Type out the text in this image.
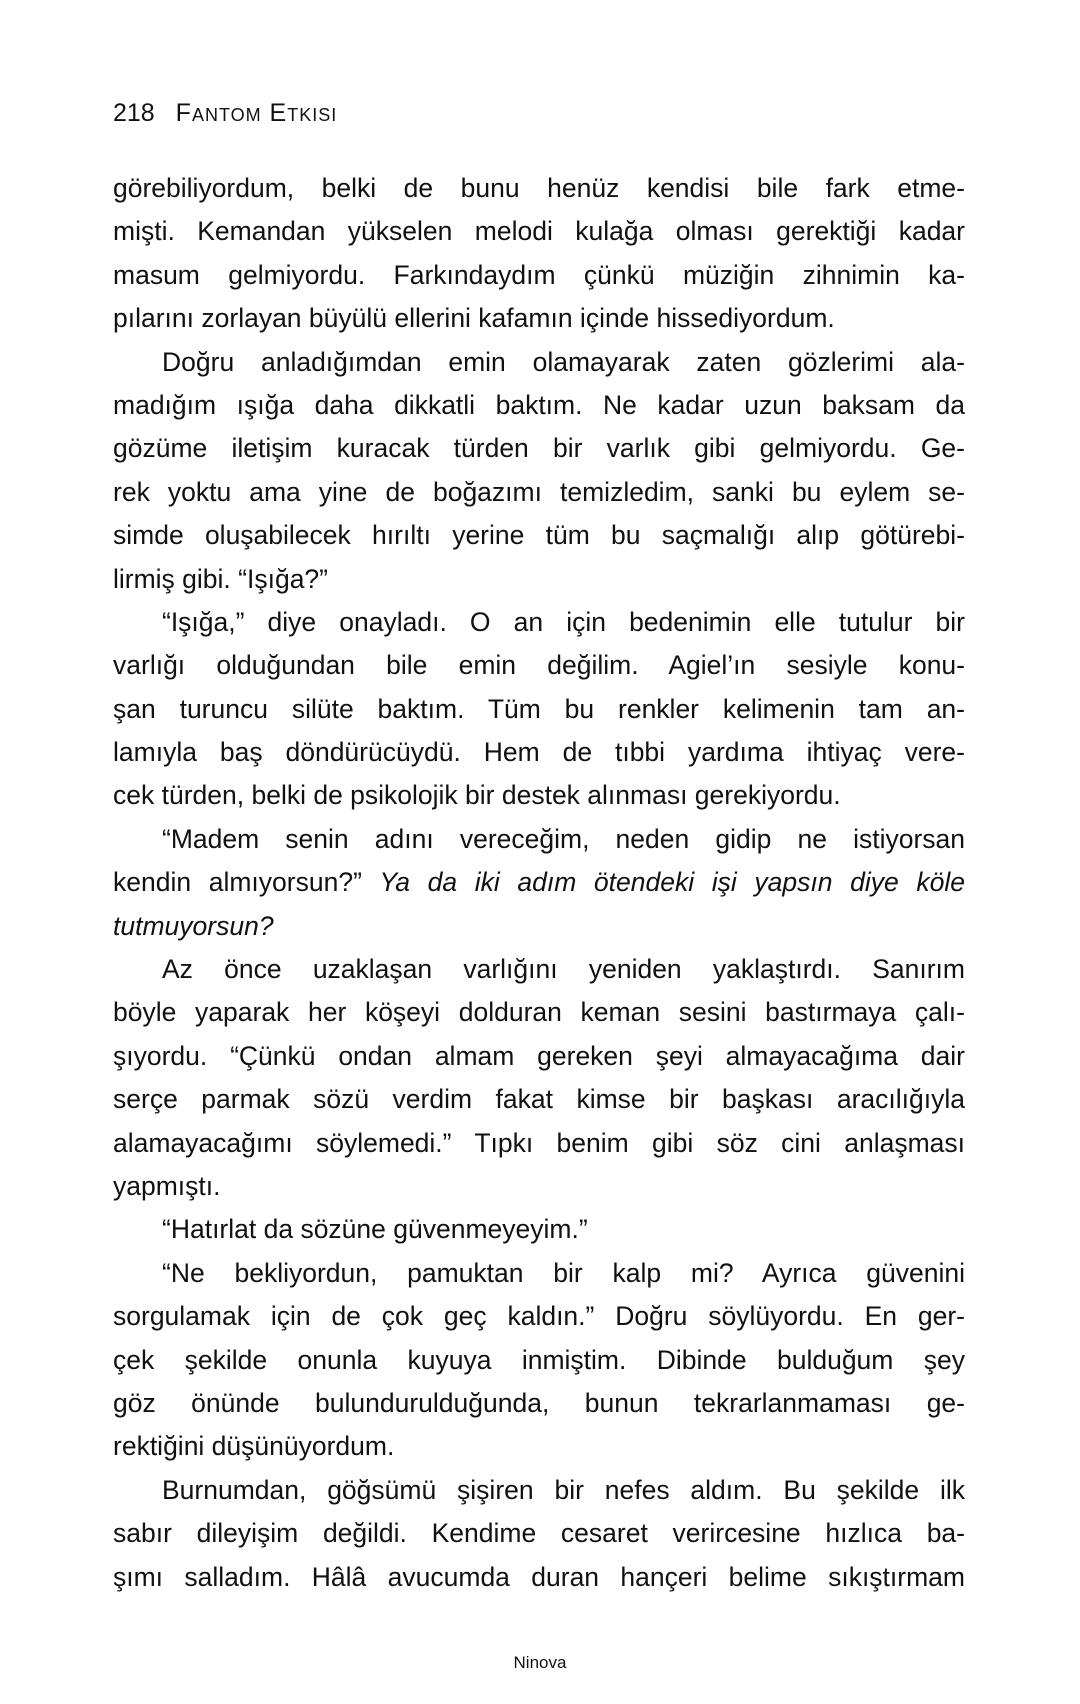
218 Fantom Etkisi
görebiliyordum, belki de bunu henüz kendisi bile fark etme-
mişti. Kemandan yükselen melodi kulağa olması gerektiği kadar
masum gelmiyordu. Farkındaydım çünkü müziğin zihnimin ka-
pılarını zorlayan büyülü ellerini kafamın içinde hissediyordum.
Doğru anladığımdan emin olamayarak zaten gözlerimi ala-
madığım ışığa daha dikkatli baktım. Ne kadar uzun baksam da
gözüme iletişim kuracak türden bir varlık gibi gelmiyordu. Ge-
rek yoktu ama yine de boğazımı temizledim, sanki bu eylem se-
simde oluşabilecek hırıltı yerine tüm bu saçmalığı alıp götürebi-
lirmiş gibi. “Işığa?”
“Işığa,” diye onayladı. O an için bedenimin elle tutulur bir
varlığı olduğundan bile emin değilim. Agiel’ın sesiyle konu-
şan turuncu silüte baktım. Tüm bu renkler kelimenin tam an-
lamıyla baş döndürücüydü. Hem de tıbbi yardıma ihtiyaç vere-
cek türden, belki de psikolojik bir destek alınması gerekiyordu.
“Madem senin adını vereceğim, neden gidip ne istiyorsan
kendin almıyorsun?” Ya da iki adım ötendeki işi yapsın diye köle
tutmuyorsun?
Az önce uzaklaşan varlığını yeniden yaklaştırdı. Sanırım
böyle yaparak her köşeyi dolduran keman sesini bastırmaya çalı-
şıyordu. “Çünkü ondan almam gereken şeyi almayacağıma dair
serçe parmak sözü verdim fakat kimse bir başkası aracılığıyla
alamayacağımı söylemedi.” Tıpkı benim gibi söz cini anlaşması
yapmıştı.
“Hatırlat da sözüne güvenmeyeyim.”
“Ne bekliyordun, pamuktan bir kalp mi? Ayrıca güvenini
sorgulamak için de çok geç kaldın.” Doğru söylüyordu. En ger-
çek şekilde onunla kuyuya inmiştim. Dibinde bulduğum şey
göz önünde bulundurulduğunda, bunun tekrarlanmaması ge-
rektiğini düşünüyordum.
Burnumdan, göğsümü şişiren bir nefes aldım. Bu şekilde ilk
sabır dileyişim değildi. Kendime cesaret verircesine hızlıca ba-
şımı salladım. Hâlâ avucumda duran hançeri belime sıkıştırmam
Ninova
